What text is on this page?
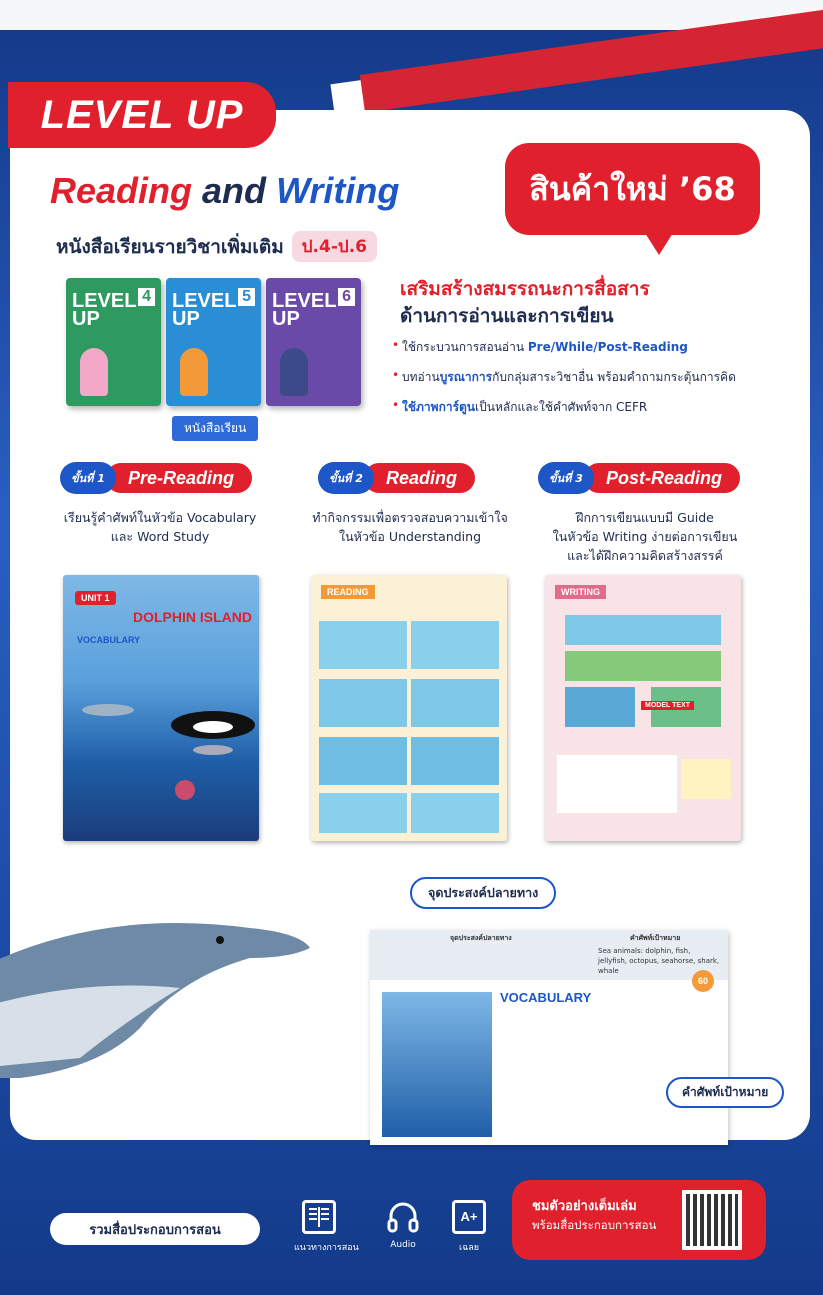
LEVEL UP
Reading and Writing
หนังสือเรียนรายวิชาเพิ่มเติม	ป.4-ป.6
สินค้าใหม่ ’68
LEVEL UP
4 LEVEL UP
5 LEVEL UP
6
หนังสือเรียน
เสริมสร้างสมรรถนะการสื่อสาร
ด้านการอ่านและการเขียน
• ใช้กระบวนการสอนอ่าน Pre/While/Post-Reading
• บทอ่านบูรณาการกับกลุ่มสาระวิชาอื่น พร้อมคำถามกระตุ้นการคิด
• ใช้ภาพการ์ตูนเป็นหลักและใช้คำศัพท์จาก CEFR
ขั้นที่ 1	Pre-Reading	ขั้นที่ 2	Reading	ขั้นที่ 3	Post-Reading
เรียนรู้คำศัพท์ในหัวข้อ Vocabulary
และ Word Study
ทำกิจกรรมเพื่อตรวจสอบความเข้าใจ
ในหัวข้อ Understanding
ฝึกการเขียนแบบมี Guide
ในหัวข้อ Writing ง่ายต่อการเขียน
และได้ฝึกความคิดสร้างสรรค์
UNIT 1
DOLPHIN ISLAND
VOCABULARY
READING	WRITING
MODEL TEXT
จุดประสงค์ปลายทาง
จุดประสงค์ปลายทาง	คำศัพท์เป้าหมาย
Sea animals: dolphin, fish, jellyfish, octopus, seahorse, shark, whale
60
VOCABULARY
คำศัพท์เป้าหมาย
รวมสื่อประกอบการสอน
แนวทางการสอน	Audio
A+
เฉลย
ชมตัวอย่างเต็มเล่ม
พร้อมสื่อประกอบการสอน
